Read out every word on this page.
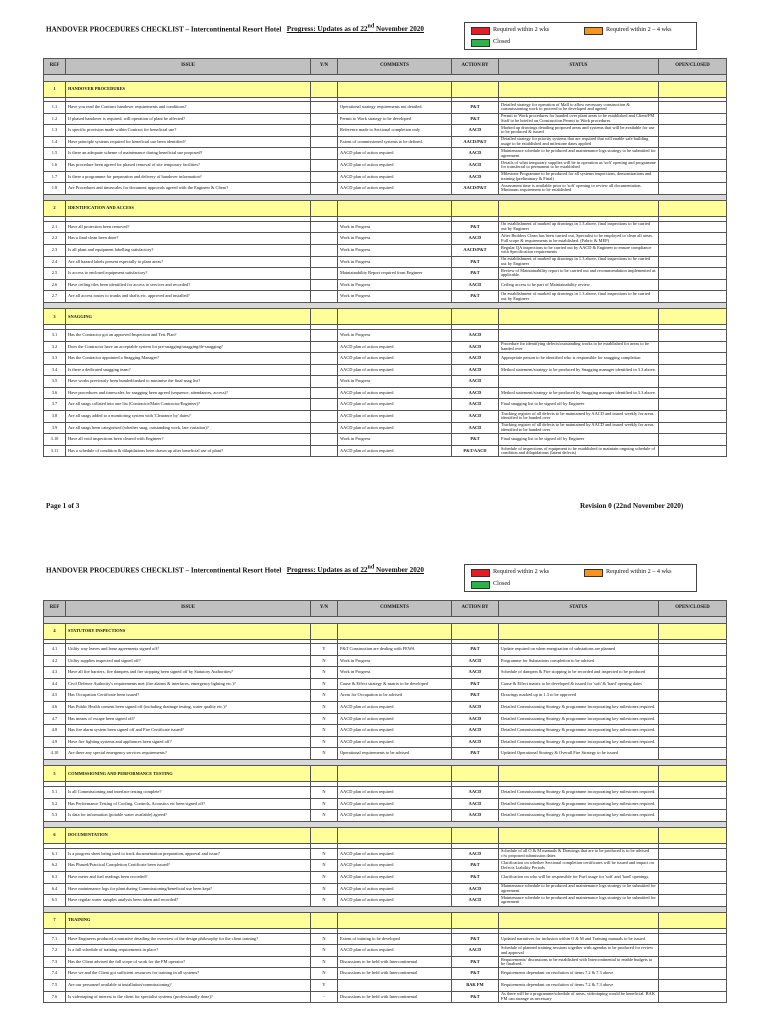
HANDOVER PROCEDURES CHECKLIST – Intercontinental Resort Hotel Progress: Updates as of 22nd November 2020	Required within 2 wks	Required within 2 – 4 wks
Closed
REF	ISSUE	Y/N	COMMENTS	ACTION BY	STATUS	OPEN/CLOSED

1	HANDOVER PROCEDURES					

1.1	Have you read the Contract handover requirements and conditions?		Operational strategy requirements not detailed.	P&T	Detailed strategy for operation of Mall to allow necessary construction & commissioning work to proceed to be developed and agreed	
1.2	If phased handover is required, will operation of plant be affected?		Permit to Work strategy to be developed	P&T	Permit to Work procedures for handed over plant areas to be established and Client/FM Staff to be briefed on Construction Permit to Work procedures	
1.3	Is specific provision made within Contract for beneficial use?		Reference made to Sectional completion only	AACD	Marked up drawings detailing proposed areas and systems that will be available for use to be produced & issued	
1.4	Have principle systems required for beneficial use been identified?		Extent of commissioned systems to be defined.	AACD/P&T	Detailed strategy for priority systems that are required that will enable safe building usage to be established and milestone dates applied	
1.5	Is there an adequate scheme of maintenance during beneficial use proposed?		AACD plan of action required	AACD	Maintenance schedule to be produced and maintenance logs strategy to be submitted for agreement	
1.6	Has procedure been agreed for phased removal of site temporary facilities?		AACD plan of action required	AACD	Details of what temporary supplies will be in operation as 'soft' opening and programme for transferral to permanent to be established	
1.7	Is there a programme for preparation and delivery of handover information?		AACD plan of action required	AACD	Milestone Programme to be produced for all systems inspections, demonstrations and training (preliminary & Final)	
1.8	Are Procedures and timescales for document approvals agreed with the Engineer & Client?		AACD plan of action required	AACD/P&T	Assessment time is available prior to 'soft' opening to review all documentation. Minimum requirement to be established	

2	IDENTIFICATION AND ACCESS					

2.1	Have all protection been removed?		Work in Progress	P&T	On establishment of marked up drawings in 1.3 above, final inspections to be carried out by Engineer	
2.2	Has a final clean been done?		Work in Progress	AACD	After Builders Clean has been carried out, Specialist to be employed to clean all areas. Full scope & requirements to be established. (Fabric & MEP)	
2.3	Is all plant and equipment labelling satisfactory?		Work in Progress	AACD/P&T	Regular QA inspections to be carried out by AACD & Engineer to ensure compliance with Specification requirements	
2.4	Are all hazard labels present especially to plant areas?		Work in Progress	P&T	On establishment of marked up drawings in 1.3 above, final inspections to be carried out by Engineer	
2.5	Is access to enclosed equipment satisfactory?		Maintainability Report required from Engineer	P&T	Review of Maintainability report to be carried out and recommendation implemented as applicable.	
2.6	Have ceiling tiles been identified for access to services and recorded?		Work in Progress	AACD	Ceiling access to be part of Maintainability review	
2.7	Are all access routes to trunks and shafts etc. approved and installed?		Work in Progress	P&T	On establishment of marked up drawings in 1.3 above, final inspections to be carried out by Engineer	

3	SNAGGING					

3.1	Has the Contractor got an approved Inspection and Test Plan?		Work in Progress	AACD		
3.2	Does the Contractor have an acceptable system for pre-snagging/snagging/de-snagging?		AACD plan of action required	AACD	Procedure for identifying defects/outstanding works to be established for areas to be handed over	
3.3	Has the Contractor appointed a Snagging Manager?		AACD plan of action required	AACD	Appropriate person to be identified who is responsible for snagging completion	
3.4	Is there a dedicated snagging team?		AACD plan of action required	AACD	Method statement/strategy to be produced by Snagging manager identified in 3.3 above.	
3.5	Have works previously been bunded/tanked to minimise the final snag list?		Work in Progress	AACD		
3.6	Have procedures and timescales for snagging been agreed (sequence, attendances, access)?		AACD plan of action required	AACD	Method statement/strategy to be produced by Snagging manager identified in 3.3 above.	
3.7	Are all snags collated into one list (Contractor/Main Contractor/Engineer)?		AACD plan of action required	AACD	Final snagging list to be signed off by Engineer	
3.8	Are all snags added to a monitoring system with 'Clearance by' dates?		AACD plan of action required	AACD	Tracking register of all defects to be maintained by AACD and issued weekly for areas identified to be handed over	
3.9	Are all snags been categorised (whether snag, outstanding work, late variation)?		AACD plan of action required	AACD	Tracking register of all defects to be maintained by AACD and issued weekly for areas identified to be handed over	
3.10	Have all void inspections been cleared with Engineer?		Work in Progress	P&T	Final snagging list to be signed off by Engineer	
3.11	Has a schedule of condition & dilapidations been drawn up after beneficial use of plant?		AACD plan of action required	P&T/AACD	Schedule of inspections of equipment to be established to maintain ongoing schedule of condition and dilapidations (latent defects)	
Page 1 of 3	Revision 0 (22nd November 2020)
HANDOVER PROCEDURES CHECKLIST – Intercontinental Resort Hotel Progress: Updates as of 22nd November 2020	Required within 2 wks	Required within 2 – 4 wks
Closed
REF	ISSUE	Y/N	COMMENTS	ACTION BY	STATUS	OPEN/CLOSED

4	STATUTORY INSPECTIONS					

4.1	Utility way leaves and lease agreements signed off?	Y	P&T Construction are dealing with FEWA	P&T	Update required on when energization of substations are planned	
4.2	Utility supplies inspected and signed off?	N	Work in Progress	AACD	Programme for Substations completion to be advised	
4.3	Have all fire barriers, fire dampers and fire stopping been signed off by Statutory Authorities?	N	Work in Progress	AACD	Schedule of dampers & Fire stopping to be recorded and inspected to be produced	
4.4	Civil Defence Authority's requirements met (fire alarms & interfaces, emergency lighting etc.)?	N	Cause & Effect strategy & matrix to be developed	P&T	Cause & Effect matrix to be developed & issued for 'soft' & 'hard' opening dates	
4.5	Has Occupation Certificate been issued?	N	Areas for Occupation to be advised	P&T	Drawings marked up in 1.3 to be approved	
4.6	Has Public Health consent been signed off (including drainage testing, water quality etc.)?	N	AACD plan of action required	AACD	Detailed Commissioning Strategy & programme incorporating key milestones required.	
4.7	Has means of escape been signed off?	N	AACD plan of action required	AACD	Detailed Commissioning Strategy & programme incorporating key milestones required.	
4.8	Has fire alarm system been signed off and Fire Certificate issued?	N	AACD plan of action required	AACD	Detailed Commissioning Strategy & programme incorporating key milestones required.	
4.9	Have fire fighting systems and appliances been signed off?	N	AACD plan of action required	AACD	Detailed Commissioning Strategy & programme incorporating key milestones required.	
4.10	Are there any special emergency services requirements?	N	Operational requirements to be advised	P&T	Updated Operational Strategy & Overall Fire Strategy to be issued	

5	COMMISSIONING AND PERFORMANCE TESTING					

5.1	Is all Commissioning and interface testing complete?	N	AACD plan of action required	AACD	Detailed Commissioning Strategy & programme incorporating key milestones required.	
5.2	Has Performance Testing of Cooling, Controls, Acoustics etc been signed off?	N	AACD plan of action required	AACD	Detailed Commissioning Strategy & programme incorporating key milestones required.	
5.3	Is data for information (potable water available) agreed?	N	AACD plan of action required	AACD	Detailed Commissioning Strategy & programme incorporating key milestones required.	

6	DOCUMENTATION					

6.1	Is a progress sheet being used to track documentation preparation, approval and issue?	N	AACD plan of action required	AACD	Schedule of all O & M manuals & Drawings that are to be produced is to be advised c/w proposed submission dates	
6.2	Has Phased/Practical Completion Certificate been issued?	N	AACD plan of action required	P&T	Clarification on whether Sectional completion certificates will be issued and impact on Defects Liability Periods	
6.3	Have meter and fuel readings been recorded?	N	AACD plan of action required	P&T	Clarification on who will be responsible for Fuel usage for 'soft' and 'hard' openings.	
6.4	Have maintenance logs for plant during Commissioning/beneficial use been kept?	N	AACD plan of action required	AACD	Maintenance schedule to be produced and maintenance logs strategy to be submitted for agreement	
6.5	Have regular water samples analysis been taken and recorded?	N	AACD plan of action required	AACD	Maintenance schedule to be produced and maintenance logs strategy to be submitted for agreement	

7	TRAINING					

7.1	Have Engineers produced a narrative detailing the overview of the design philosophy for the client training?	N	Extent of training to be developed	P&T	Updated narratives for inclusion within O & M and Training manuals to be issued	
7.2	Is a full schedule of training requirements in place?	N	AACD plan of action required	AACD	Schedule of planned training sessions together with agendas to be produced for review and approval	
7.3	Has the Client advised the full scope of work for the FM operator?	N	Discussions to be held with Intercontinental	P&T	Requirements/ discussions to be established with Intercontinental to enable budgets to be finalised.	
7.4	Have we and the Client got sufficient resources for training in all systems?	N	Discussions to be held with Intercontinental	P&T	Requirements dependant on resolution of items 7.2 & 7.3 above	
7.5	Are our personnel available at installation/commissioning?	Y		BAK FM	Requirements dependant on resolution of items 7.2 & 7.3 above	
7.6	Is videotaping of interest to the client for specialist systems (professionally done)?	-	Discussions to be held with Intercontinental	P&T	As there will be a programme/schedule of areas, videotaping would be beneficial. BAK FM can arrange as necessary	
